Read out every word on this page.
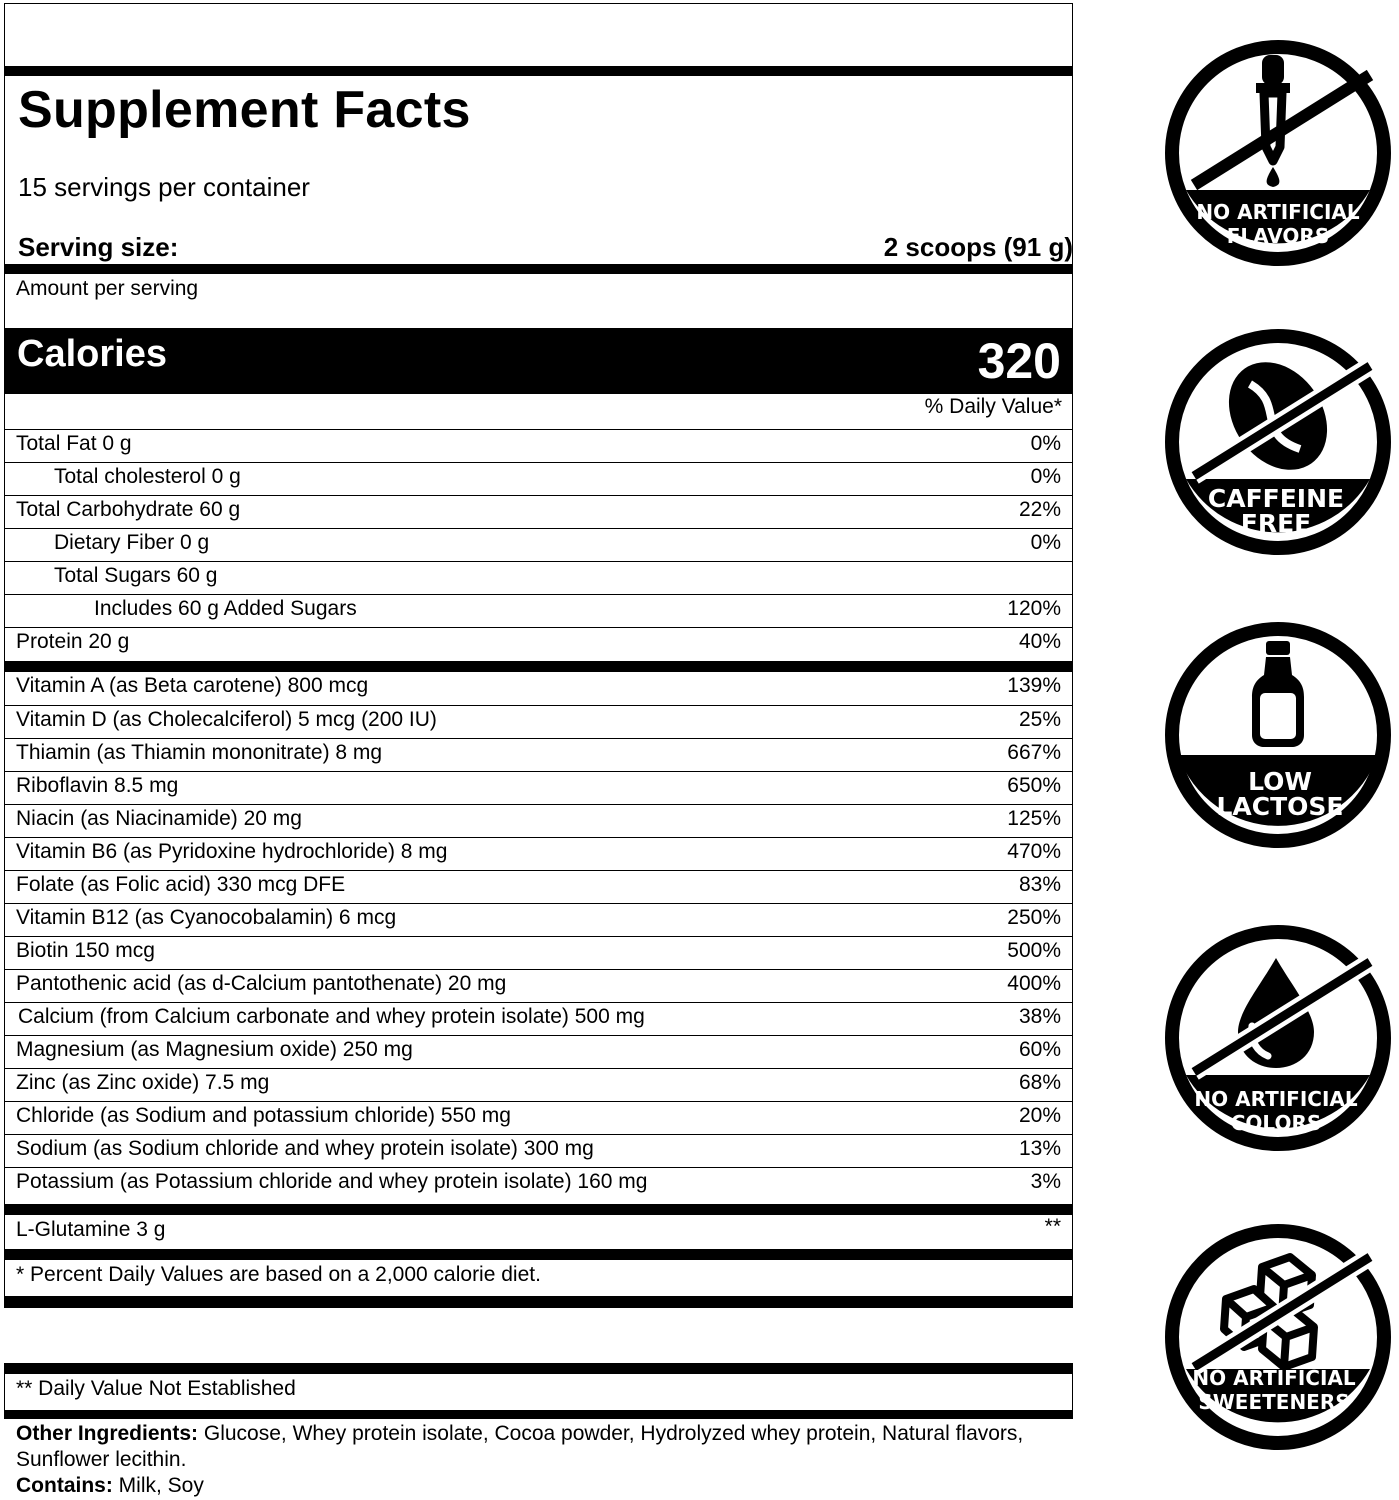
Supplement Facts
15 servings per container
Serving size:	2 scoops (91 g)
Amount per serving
Calories	320
% Daily Value*
Total Fat 0 g	0%
Total cholesterol 0 g	0%
Total Carbohydrate 60 g	22%
Dietary Fiber 0 g	0%
Total Sugars 60 g
Includes 60 g Added Sugars	120%
Protein 20 g	40%
Vitamin A (as Beta carotene) 800 mcg	139%
Vitamin D (as Cholecalciferol) 5 mcg (200 IU)	25%
Thiamin (as Thiamin mononitrate) 8 mg	667%
Riboflavin 8.5 mg	650%
Niacin (as Niacinamide) 20 mg	125%
Vitamin B6 (as Pyridoxine hydrochloride) 8 mg	470%
Folate (as Folic acid) 330 mcg DFE	83%
Vitamin B12 (as Cyanocobalamin) 6 mcg	250%
Biotin 150 mcg	500%
Pantothenic acid (as d-Calcium pantothenate) 20 mg	400%
Calcium (from Calcium carbonate and whey protein isolate) 500 mg	38%
Magnesium (as Magnesium oxide) 250 mg	60%
Zinc (as Zinc oxide) 7.5 mg	68%
Chloride (as Sodium and potassium chloride) 550 mg	20%
Sodium (as Sodium chloride and whey protein isolate) 300 mg	13%
Potassium (as Potassium chloride and whey protein isolate) 160 mg	3%
L-Glutamine 3 g	**
* Percent Daily Values are based on a 2,000 calorie diet.
** Daily Value Not Established
Other Ingredients: Glucose, Whey protein isolate, Cocoa powder, Hydrolyzed whey protein, Natural flavors, Sunflower lecithin.
Contains: Milk, Soy
NO ARTIFICIAL
FLAVORS
CAFFEINE
FREE
LOW
LACTOSE
NO ARTIFICIAL
COLORS
NO ARTIFICIAL
SWEETENERS
